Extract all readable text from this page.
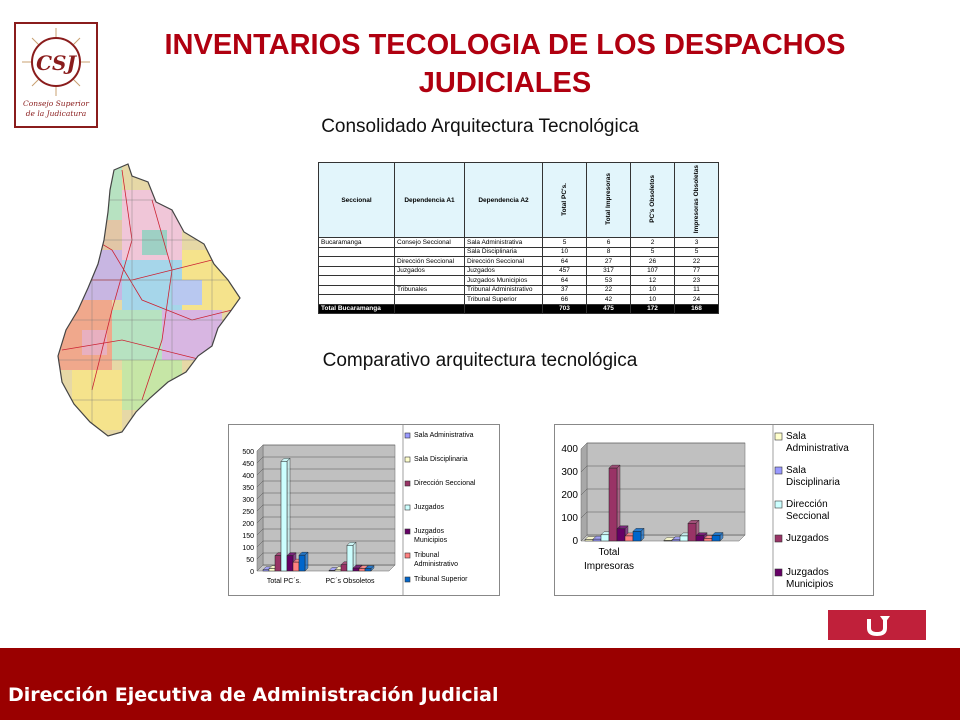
CSJ
Consejo Superior
de la Judicatura
INVENTARIOS TECOLOGIA DE LOS DESPACHOS JUDICIALES
Consolidado Arquitectura Tecnológica
Seccional	Dependencia A1	Dependencia A2	Total PC's.	Total Impresoras	PC's Obsoletos	Impresoras Obsoletas
Bucaramanga	Consejo Seccional	Sala Administrativa	5	6	2	3
		Sala Disciplinaria	10	8	5	5
	Dirección Seccional	Dirección Seccional	64	27	26	22
	Juzgados	Juzgados	457	317	107	77
		Juzgados Municipios	64	53	12	23
	Tribunales	Tribunal Administrativo	37	22	10	11
		Tribunal Superior	66	42	10	24
Total Bucaramanga			703	475	172	168
Comparativo arquitectura tecnológica
0
50
100
150
200
250
300
350
400
450
500
Total PC´s.	PC´s Obsoletos
Sala Administrativa
Sala Disciplinaria
Dirección Seccional
Juzgados
Juzgados
Municipios
Tribunal
Administrativo
Tribunal Superior
0
100
200
300
400
Total
Impresoras
Sala
Administrativa
Sala
Disciplinaria
Dirección
Seccional
Juzgados
Juzgados
Municipios
Dirección Ejecutiva de Administración Judicial
